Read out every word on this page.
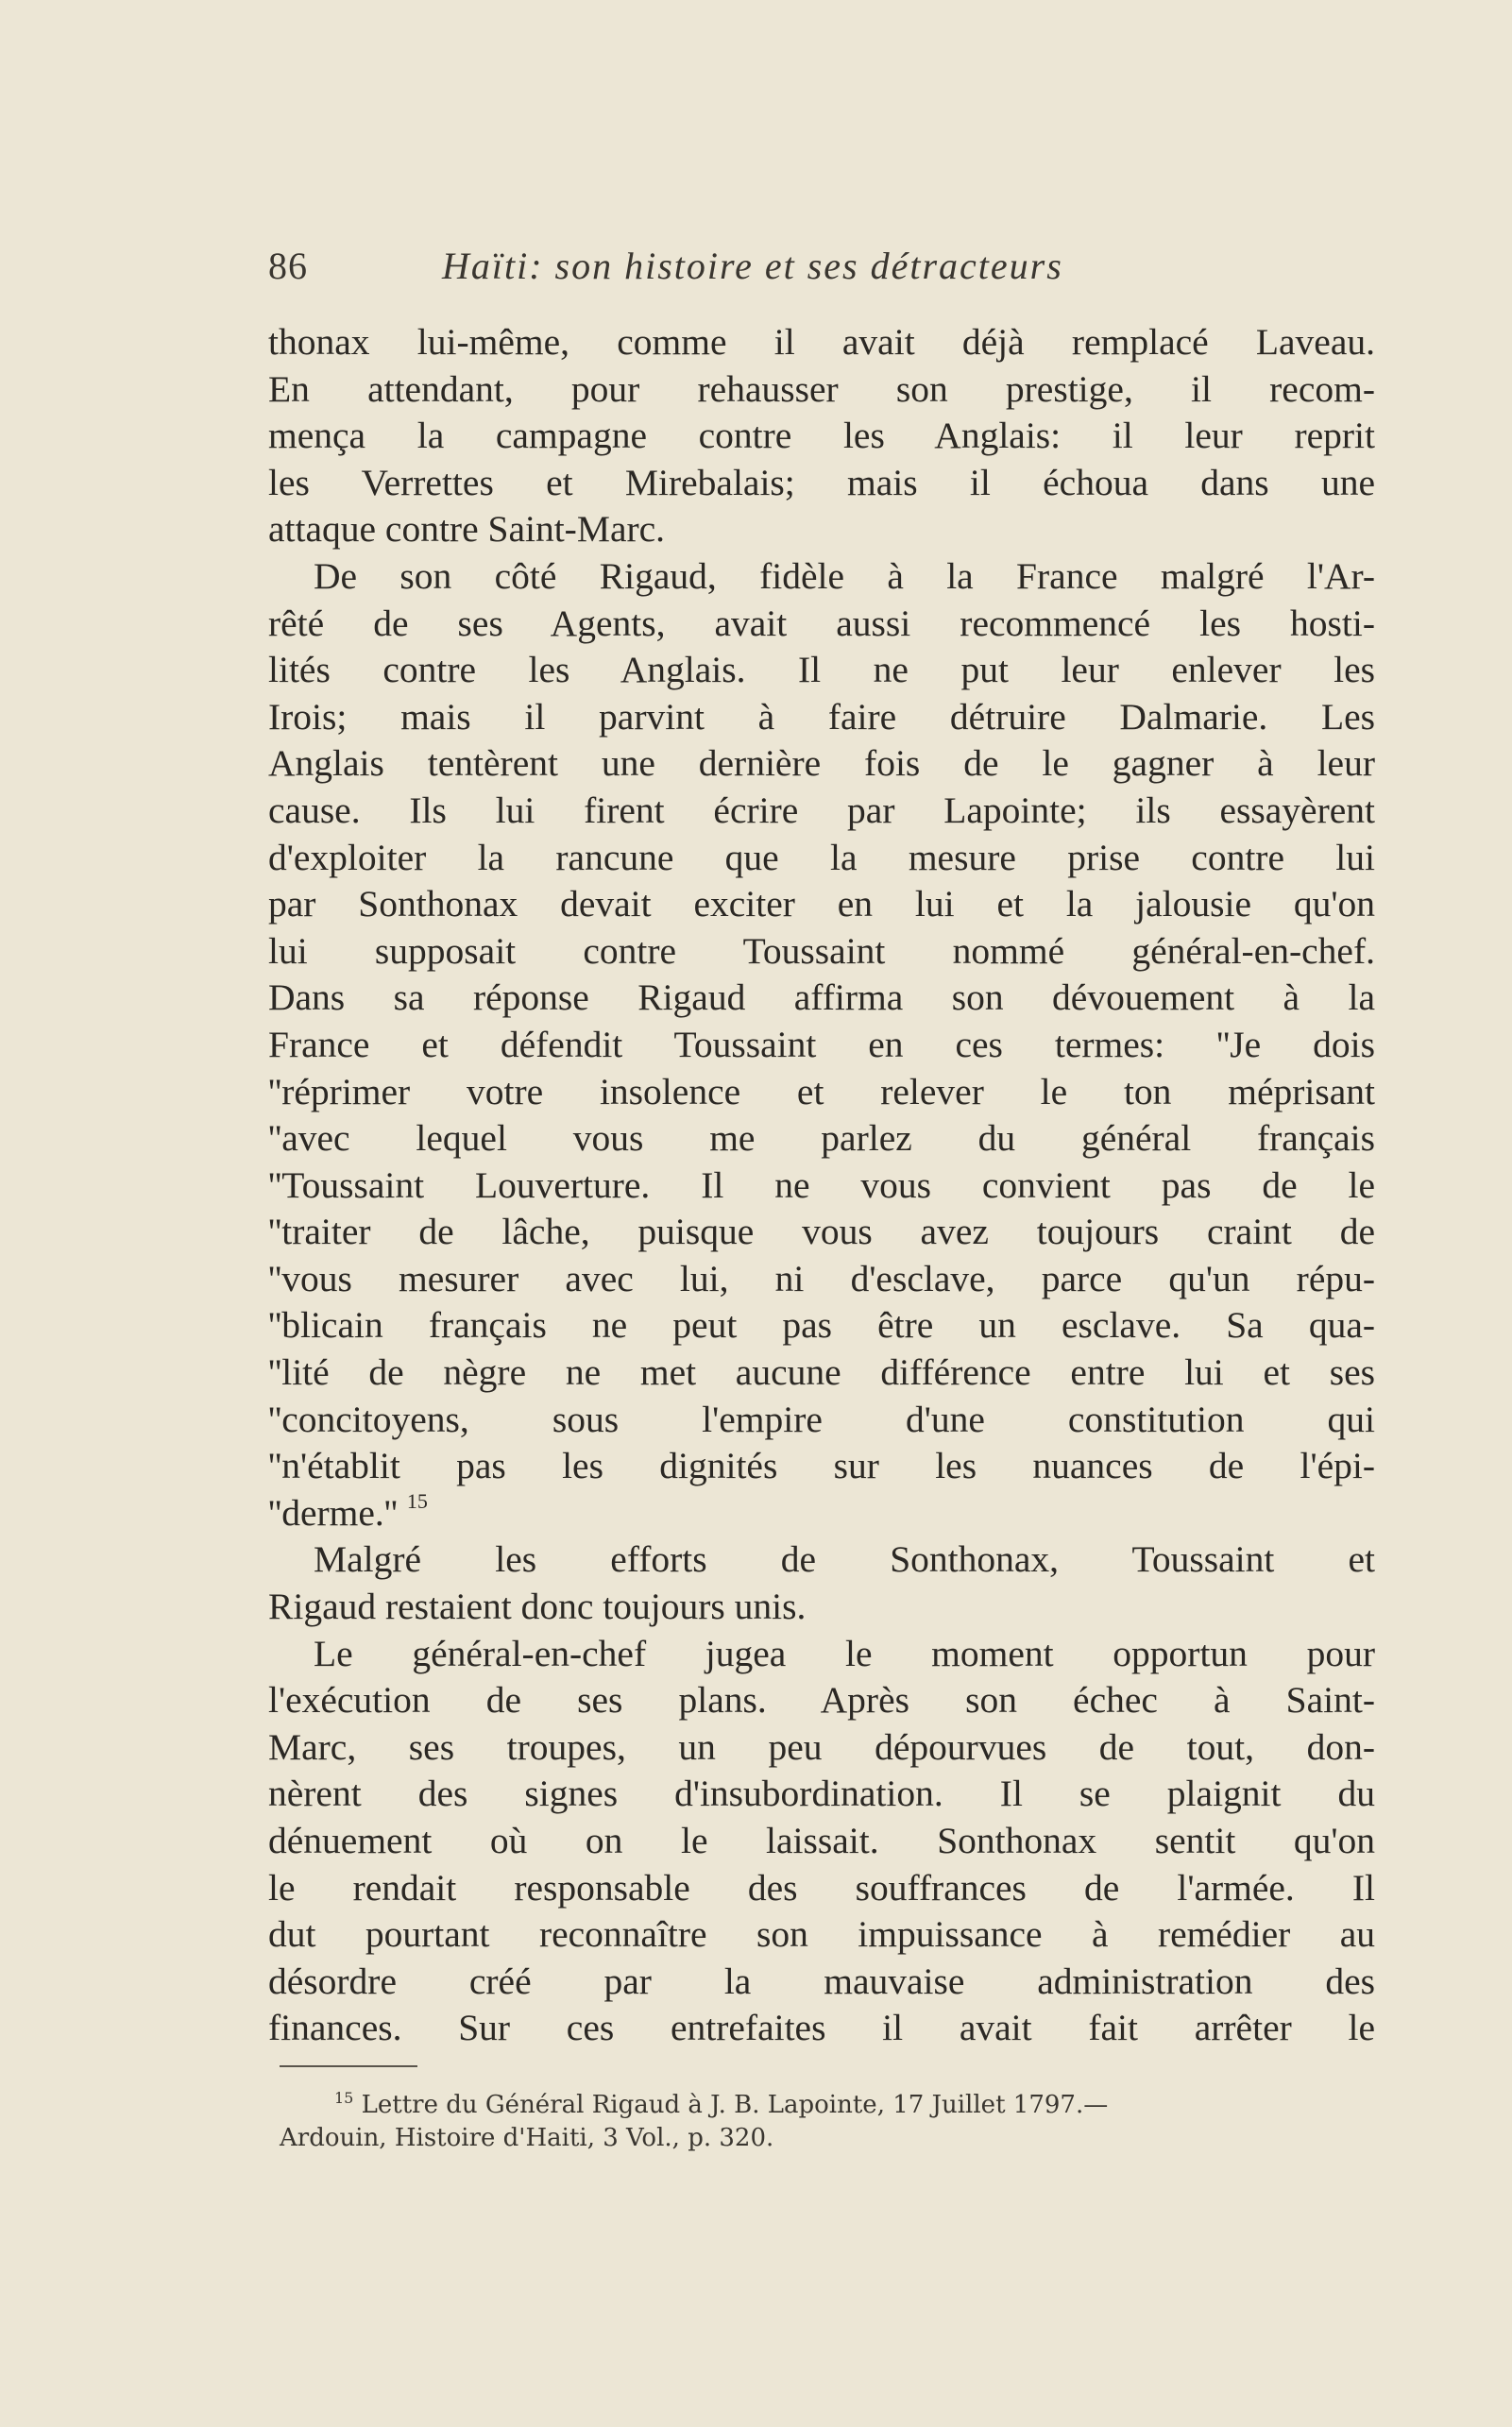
86	Haïti: son histoire et ses détracteurs
thonax lui-même, comme il avait déjà remplacé Laveau.
En attendant, pour rehausser son prestige, il recom-
mença la campagne contre les Anglais: il leur reprit
les Verrettes et Mirebalais; mais il échoua dans une
attaque contre Saint-Marc.
De son côté Rigaud, fidèle à la France malgré l'Ar-
rêté de ses Agents, avait aussi recommencé les hosti-
lités contre les Anglais. Il ne put leur enlever les
Irois; mais il parvint à faire détruire Dalmarie. Les
Anglais tentèrent une dernière fois de le gagner à leur
cause. Ils lui firent écrire par Lapointe; ils essayèrent
d'exploiter la rancune que la mesure prise contre lui
par Sonthonax devait exciter en lui et la jalousie qu'on
lui supposait contre Toussaint nommé général-en-chef.
Dans sa réponse Rigaud affirma son dévouement à la
France et défendit Toussaint en ces termes: ''Je dois
''réprimer votre insolence et relever le ton méprisant
''avec lequel vous me parlez du général français
''Toussaint Louverture. Il ne vous convient pas de le
''traiter de lâche, puisque vous avez toujours craint de
''vous mesurer avec lui, ni d'esclave, parce qu'un répu-
''blicain français ne peut pas être un esclave. Sa qua-
''lité de nègre ne met aucune différence entre lui et ses
''concitoyens, sous l'empire d'une constitution qui
''n'établit pas les dignités sur les nuances de l'épi-
''derme.'' $^{15}$
Malgré les efforts de Sonthonax, Toussaint et
Rigaud restaient donc toujours unis.
Le général-en-chef jugea le moment opportun pour
l'exécution de ses plans. Après son échec à Saint-
Marc, ses troupes, un peu dépourvues de tout, don-
nèrent des signes d'insubordination. Il se plaignit du
dénuement où on le laissait. Sonthonax sentit qu'on
le rendait responsable des souffrances de l'armée. Il
dut pourtant reconnaître son impuissance à remédier au
désordre créé par la mauvaise administration des
finances. Sur ces entrefaites il avait fait arrêter le
$^{15}$ Lettre du Général Rigaud à J. B. Lapointe, 17 Juillet 1797.—
Ardouin, Histoire d'Haiti, 3 Vol., p. 320.
